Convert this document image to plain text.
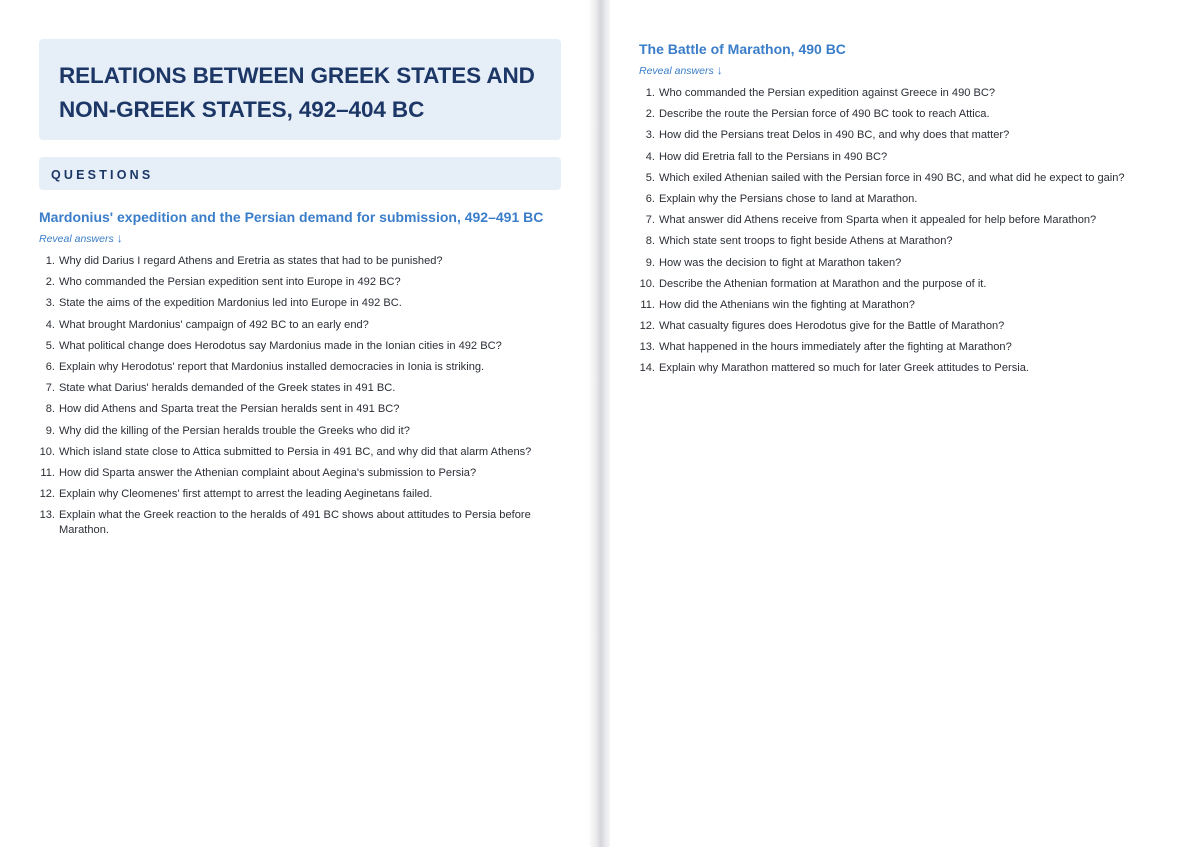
RELATIONS BETWEEN GREEK STATES AND NON-GREEK STATES, 492–404 BC
QUESTIONS
Mardonius' expedition and the Persian demand for submission, 492–491 BC
Reveal answers ↓
1. Why did Darius I regard Athens and Eretria as states that had to be punished?
2. Who commanded the Persian expedition sent into Europe in 492 BC?
3. State the aims of the expedition Mardonius led into Europe in 492 BC.
4. What brought Mardonius' campaign of 492 BC to an early end?
5. What political change does Herodotus say Mardonius made in the Ionian cities in 492 BC?
6. Explain why Herodotus' report that Mardonius installed democracies in Ionia is striking.
7. State what Darius' heralds demanded of the Greek states in 491 BC.
8. How did Athens and Sparta treat the Persian heralds sent in 491 BC?
9. Why did the killing of the Persian heralds trouble the Greeks who did it?
10. Which island state close to Attica submitted to Persia in 491 BC, and why did that alarm Athens?
11. How did Sparta answer the Athenian complaint about Aegina's submission to Persia?
12. Explain why Cleomenes' first attempt to arrest the leading Aeginetans failed.
13. Explain what the Greek reaction to the heralds of 491 BC shows about attitudes to Persia before Marathon.
The Battle of Marathon, 490 BC
Reveal answers ↓
1. Who commanded the Persian expedition against Greece in 490 BC?
2. Describe the route the Persian force of 490 BC took to reach Attica.
3. How did the Persians treat Delos in 490 BC, and why does that matter?
4. How did Eretria fall to the Persians in 490 BC?
5. Which exiled Athenian sailed with the Persian force in 490 BC, and what did he expect to gain?
6. Explain why the Persians chose to land at Marathon.
7. What answer did Athens receive from Sparta when it appealed for help before Marathon?
8. Which state sent troops to fight beside Athens at Marathon?
9. How was the decision to fight at Marathon taken?
10. Describe the Athenian formation at Marathon and the purpose of it.
11. How did the Athenians win the fighting at Marathon?
12. What casualty figures does Herodotus give for the Battle of Marathon?
13. What happened in the hours immediately after the fighting at Marathon?
14. Explain why Marathon mattered so much for later Greek attitudes to Persia.
